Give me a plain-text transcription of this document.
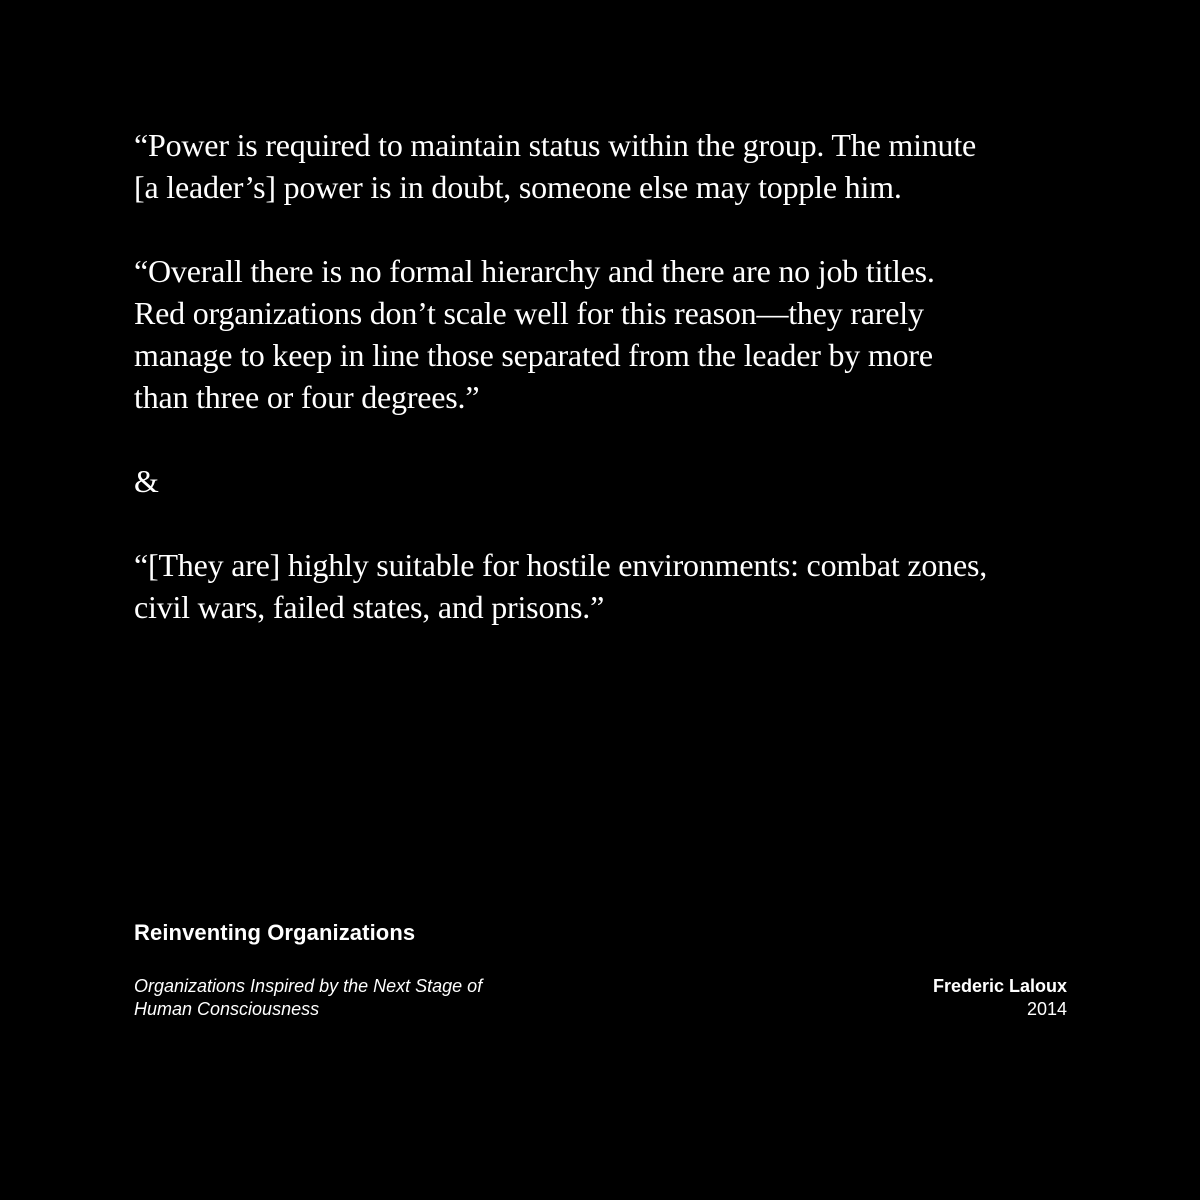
“Power is required to maintain status within the group. The minute
[a leader’s] power is in doubt, someone else may topple him.

“Overall there is no formal hierarchy and there are no job titles.
Red organizations don’t scale well for this reason—they rarely
manage to keep in line those separated from the leader by more
than three or four degrees.”

&

“[They are] highly suitable for hostile environments: combat zones,
civil wars, failed states, and prisons.”

Reinventing Organizations
Organizations Inspired by the Next Stage of
Human Consciousness
Frederic Laloux
2014
